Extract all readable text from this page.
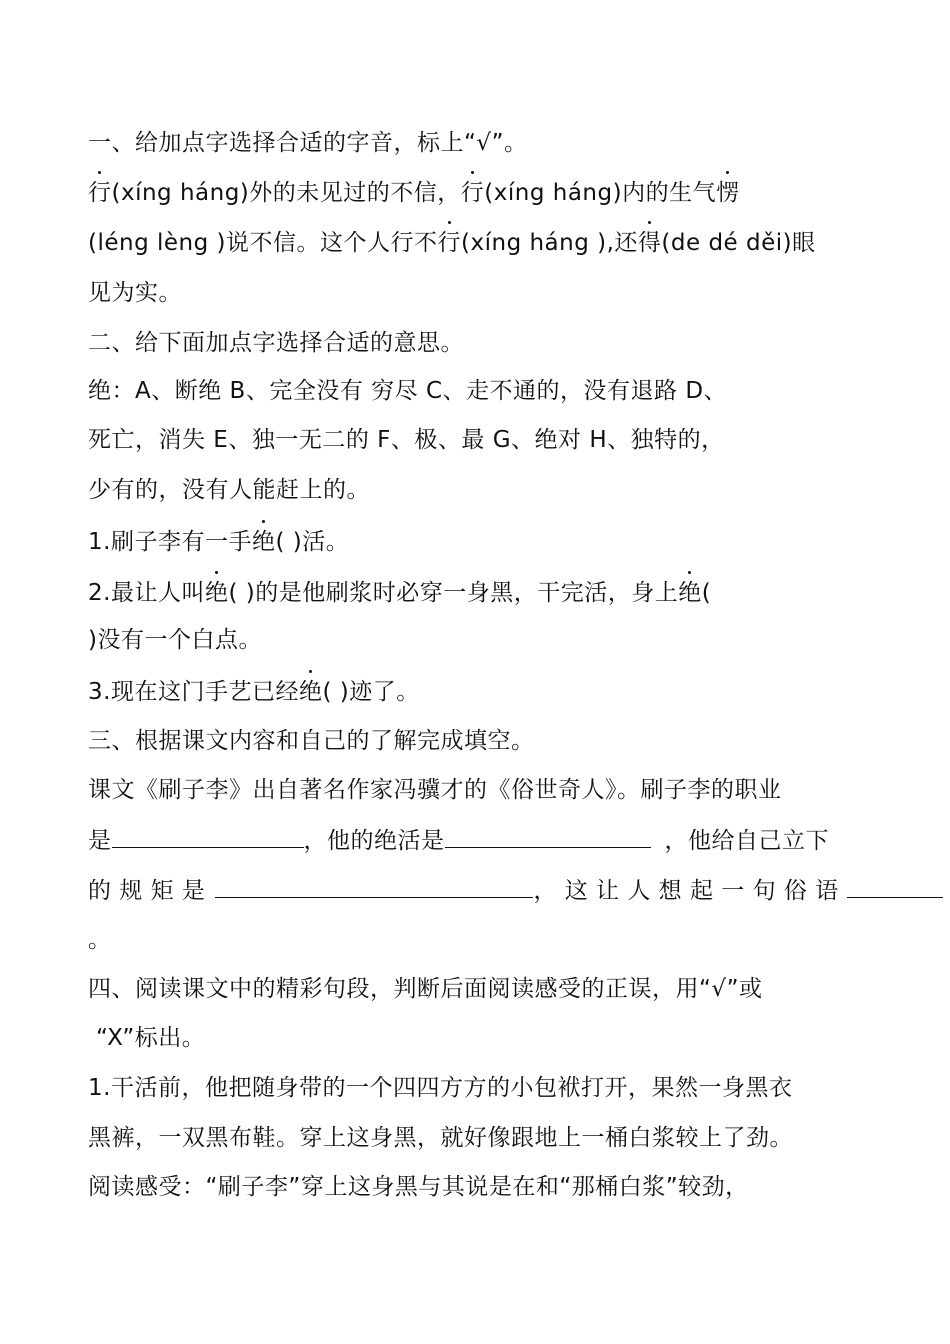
一、给加点字选择合适的字音，标上“√”。
行(xíng háng)外的未见过的不信，行(xíng háng)内的生气愣
(léng lèng )说不信。这个人行不行(xíng háng ),还得(de dé děi)眼
见为实。
二、给下面加点字选择合适的意思。
绝：A、断绝 B、完全没有 穷尽 C、走不通的，没有退路 D、
死亡，消失 E、独一无二的 F、极、最 G、绝对 H、独特的，
少有的，没有人能赶上的。
1.刷子李有一手绝( )活。
2.最让人叫绝( )的是他刷浆时必穿一身黑，干完活，身上绝(
)没有一个白点。
3.现在这门手艺已经绝( )迹了。
三、根据课文内容和自己的了解完成填空。
课文《刷子李》出自著名作家冯骥才的《俗世奇人》。刷子李的职业
是	，他的绝活是	，他给自己立下
的 规 矩 是	， 这 让 人 想 起 一 句 俗 语
。
四、阅读课文中的精彩句段，判断后面阅读感受的正误，用“√”或
“X”标出。
1.干活前，他把随身带的一个四四方方的小包袱打开，果然一身黑衣
黑裤，一双黑布鞋。穿上这身黑，就好像跟地上一桶白浆较上了劲。
阅读感受：“刷子李”穿上这身黑与其说是在和“那桶白浆”较劲，
